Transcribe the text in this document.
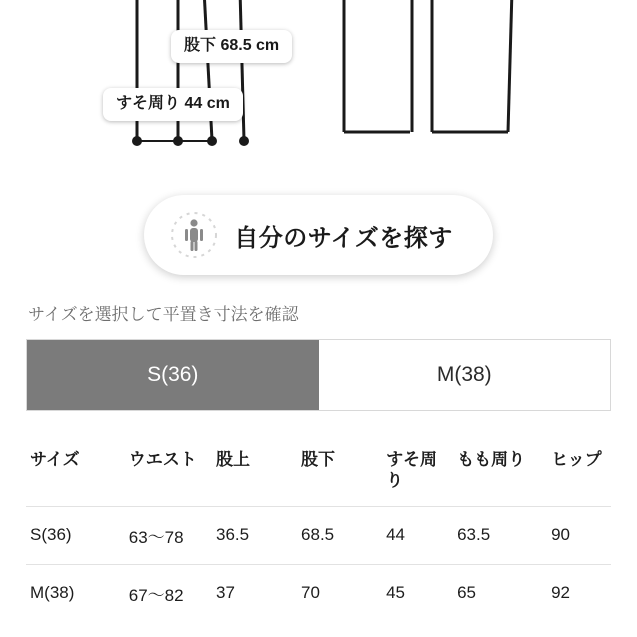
股下 68.5 cm
すそ周り 44 cm
自分のサイズを探す
サイズを選択して平置き寸法を確認
S(36)	M(38)
サイズ	ウエスト	股上	股下	すそ周り	もも周り	ヒップ
S(36)	63〜78	36.5	68.5	44	63.5	90
M(38)	67〜82	37	70	45	65	92
